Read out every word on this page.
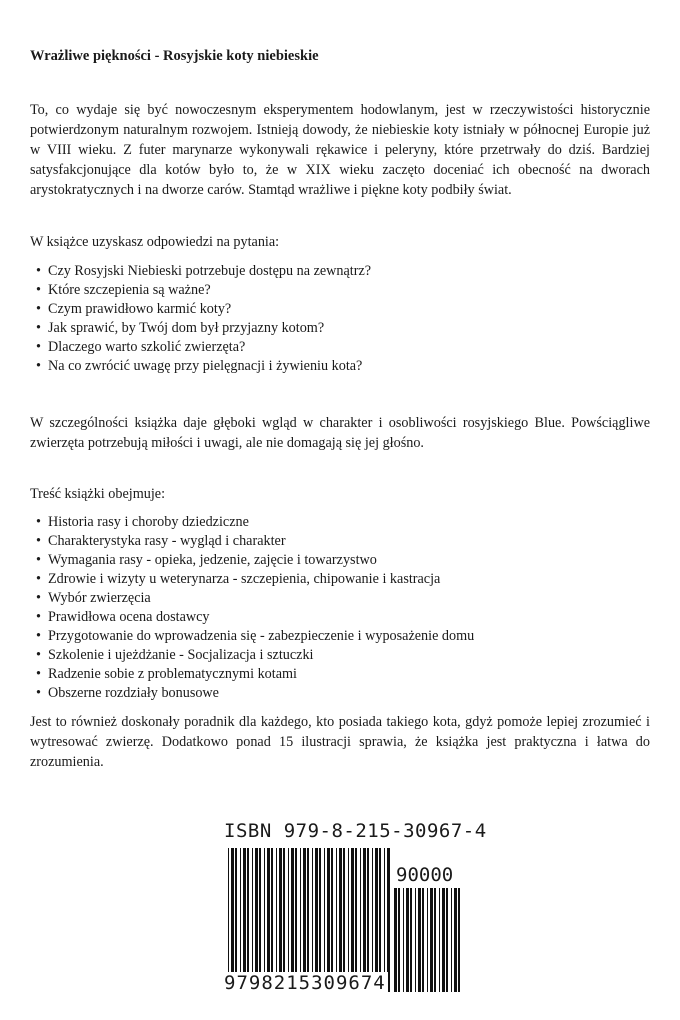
Wrażliwe piękności - Rosyjskie koty niebieskie

To, co wydaje się być nowoczesnym eksperymentem hodowlanym, jest w rzeczywistości historycznie potwierdzonym naturalnym rozwojem. Istnieją dowody, że niebieskie koty istniały w północnej Europie już w VIII wieku. Z futer marynarze wykonywali rękawice i peleryny, które przetrwały do dziś. Bardziej satysfakcjonujące dla kotów było to, że w XIX wieku zaczęto doceniać ich obecność na dworach arystokratycznych i na dworze carów. Stamtąd wrażliwe i piękne koty podbiły świat.

W książce uzyskasz odpowiedzi na pytania:

• Czy Rosyjski Niebieski potrzebuje dostępu na zewnątrz?
• Które szczepienia są ważne?
• Czym prawidłowo karmić koty?
• Jak sprawić, by Twój dom był przyjazny kotom?
• Dlaczego warto szkolić zwierzęta?
• Na co zwrócić uwagę przy pielęgnacji i żywieniu kota?

W szczególności książka daje głęboki wgląd w charakter i osobliwości rosyjskiego Blue. Powściągliwe zwierzęta potrzebują miłości i uwagi, ale nie domagają się jej głośno.

Treść książki obejmuje:

• Historia rasy i choroby dziedziczne
• Charakterystyka rasy - wygląd i charakter
• Wymagania rasy - opieka, jedzenie, zajęcie i towarzystwo
• Zdrowie i wizyty u weterynarza - szczepienia, chipowanie i kastracja
• Wybór zwierzęcia
• Prawidłowa ocena dostawcy
• Przygotowanie do wprowadzenia się - zabezpieczenie i wyposażenie domu
• Szkolenie i ujeżdżanie - Socjalizacja i sztuczki
• Radzenie sobie z problematycznymi kotami
• Obszerne rozdziały bonusowe

Jest to również doskonały poradnik dla każdego, kto posiada takiego kota, gdyż pomoże lepiej zrozumieć i wytresować zwierzę. Dodatkowo ponad 15 ilustracji sprawia, że książka jest praktyczna i łatwa do zrozumienia.

ISBN 979-8-215-30967-4
90000
9798215309674
